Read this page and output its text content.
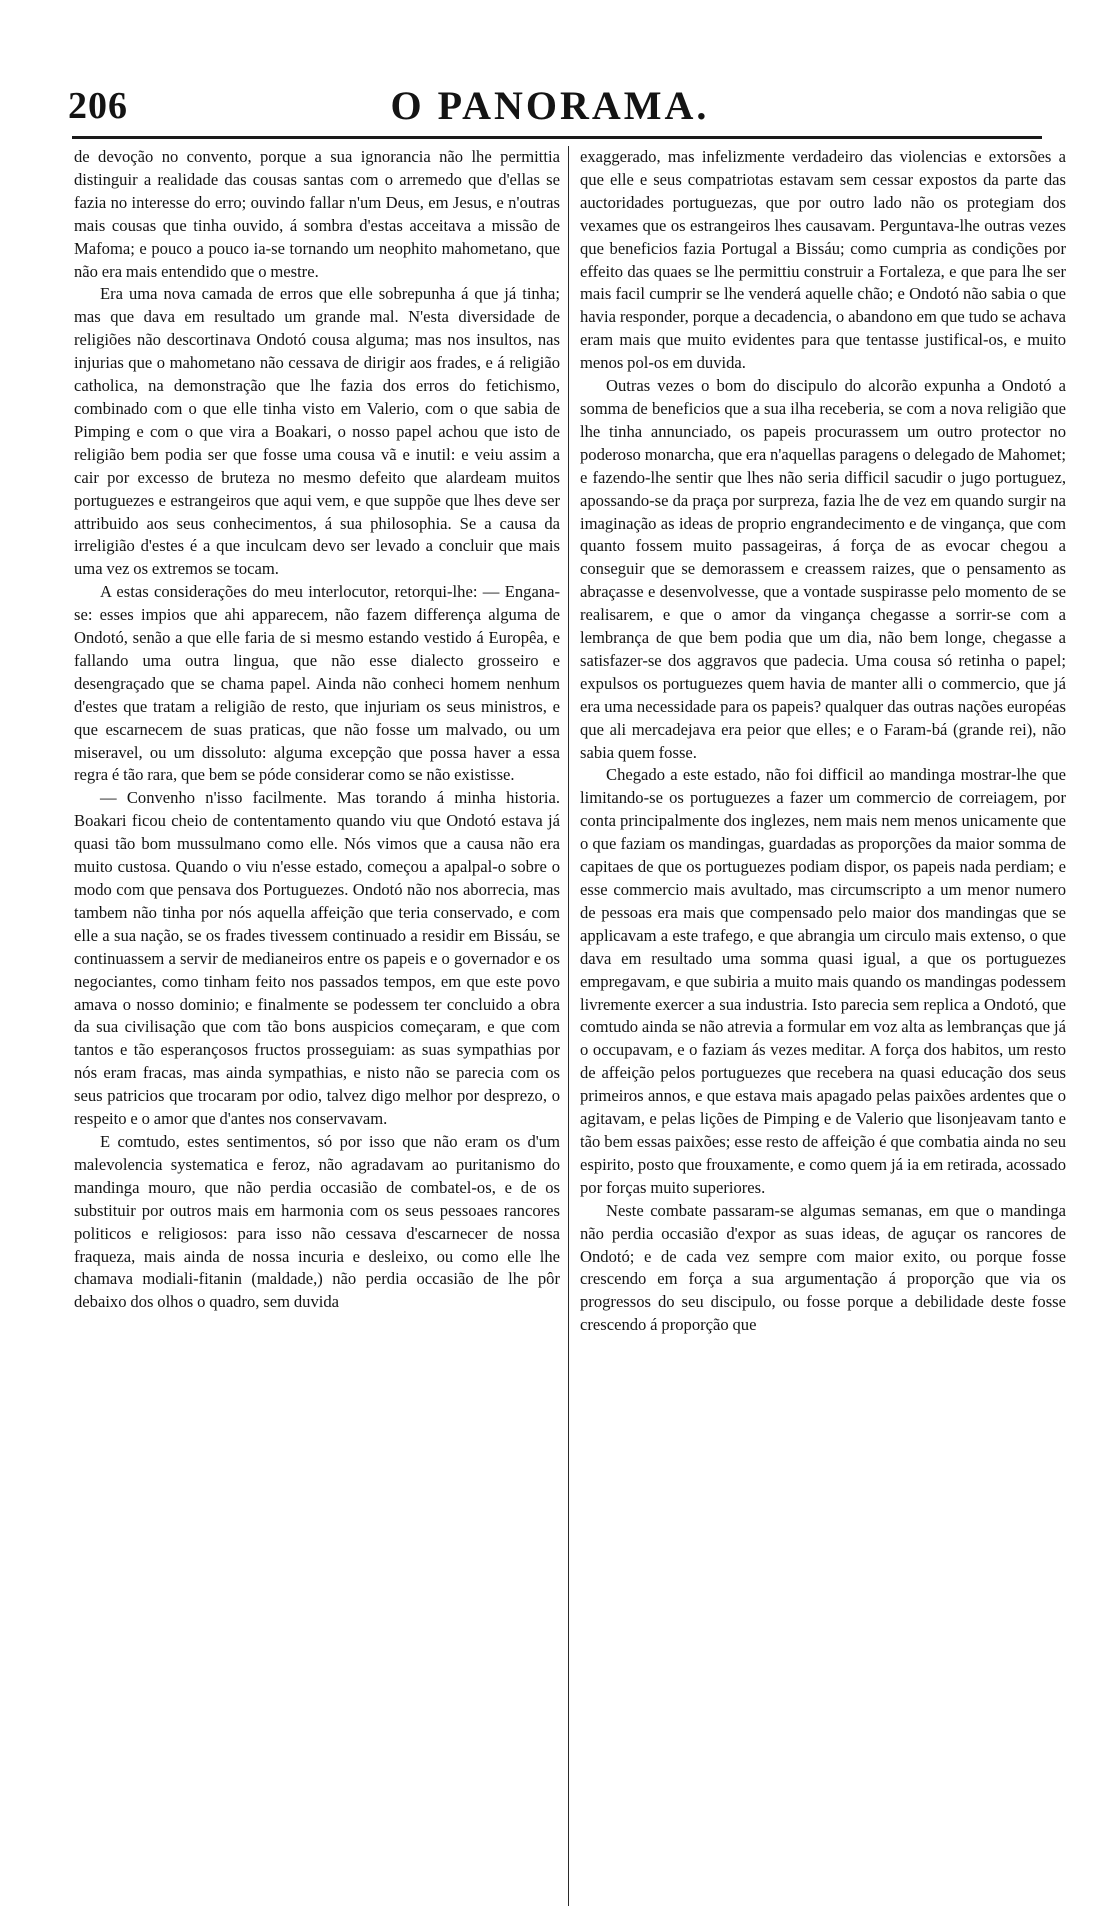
206	O PANORAMA.

de devoção no convento, porque a sua ignorancia não lhe permittia distinguir a realidade das cousas santas com o arremedo que d'ellas se fazia no interesse do erro; ouvindo fallar n'um Deus, em Jesus, e n'outras mais cousas que tinha ouvido, á sombra d'estas acceitava a missão de Mafoma; e pouco a pouco ia-se tornando um neophito mahometano, que não era mais entendido que o mestre.

Era uma nova camada de erros que elle sobrepunha á que já tinha; mas que dava em resultado um grande mal. N'esta diversidade de religiões não descortinava Ondotó cousa alguma; mas nos insultos, nas injurias que o mahometano não cessava de dirigir aos frades, e á religião catholica, na demonstração que lhe fazia dos erros do fetichismo, combinado com o que elle tinha visto em Valerio, com o que sabia de Pimping e com o que vira a Boakari, o nosso papel achou que isto de religião bem podia ser que fosse uma cousa vã e inutil: e veiu assim a cair por excesso de bruteza no mesmo defeito que alardeam muitos portuguezes e estrangeiros que aqui vem, e que suppõe que lhes deve ser attribuido aos seus conhecimentos, á sua philosophia. Se a causa da irreligião d'estes é a que inculcam devo ser levado a concluir que mais uma vez os extremos se tocam.

A estas considerações do meu interlocutor, retorqui-lhe: — Engana-se: esses impios que ahi apparecem, não fazem differença alguma de Ondotó, senão a que elle faria de si mesmo estando vestido á Europêa, e fallando uma outra lingua, que não esse dialecto grosseiro e desengraçado que se chama papel. Ainda não conheci homem nenhum d'estes que tratam a religião de resto, que injuriam os seus ministros, e que escarnecem de suas praticas, que não fosse um malvado, ou um miseravel, ou um dissoluto: alguma excepção que possa haver a essa regra é tão rara, que bem se póde considerar como se não existisse.

— Convenho n'isso facilmente. Mas torando á minha historia. Boakari ficou cheio de contentamento quando viu que Ondotó estava já quasi tão bom mussulmano como elle. Nós vimos que a causa não era muito custosa. Quando o viu n'esse estado, começou a apalpal-o sobre o modo com que pensava dos Portuguezes. Ondotó não nos aborrecia, mas tambem não tinha por nós aquella affeição que teria conservado, e com elle a sua nação, se os frades tivessem continuado a residir em Bissáu, se continuassem a servir de medianeiros entre os papeis e o governador e os negociantes, como tinham feito nos passados tempos, em que este povo amava o nosso dominio; e finalmente se podessem ter concluido a obra da sua civilisação que com tão bons auspicios começaram, e que com tantos e tão esperançosos fructos prosseguiam: as suas sympathias por nós eram fracas, mas ainda sympathias, e nisto não se parecia com os seus patricios que trocaram por odio, talvez digo melhor por desprezo, o respeito e o amor que d'antes nos conservavam.

E comtudo, estes sentimentos, só por isso que não eram os d'um malevolencia systematica e feroz, não agradavam ao puritanismo do mandinga mouro, que não perdia occasião de combatel-os, e de os substituir por outros mais em harmonia com os seus pessoaes rancores politicos e religiosos: para isso não cessava d'escarnecer de nossa fraqueza, mais ainda de nossa incuria e desleixo, ou como elle lhe chamava modiali-fitanin (maldade,) não perdia occasião de lhe pôr debaixo dos olhos o quadro, sem duvida

exaggerado, mas infelizmente verdadeiro das violencias e extorsões a que elle e seus compatriotas estavam sem cessar expostos da parte das auctoridades portuguezas, que por outro lado não os protegiam dos vexames que os estrangeiros lhes causavam. Perguntava-lhe outras vezes que beneficios fazia Portugal a Bissáu; como cumpria as condições por effeito das quaes se lhe permittiu construir a Fortaleza, e que para lhe ser mais facil cumprir se lhe venderá aquelle chão; e Ondotó não sabia o que havia responder, porque a decadencia, o abandono em que tudo se achava eram mais que muito evidentes para que tentasse justifical-os, e muito menos pol-os em duvida.

Outras vezes o bom do discipulo do alcorão expunha a Ondotó a somma de beneficios que a sua ilha receberia, se com a nova religião que lhe tinha annunciado, os papeis procurassem um outro protector no poderoso monarcha, que era n'aquellas paragens o delegado de Mahomet; e fazendo-lhe sentir que lhes não seria difficil sacudir o jugo portuguez, apossando-se da praça por surpreza, fazia lhe de vez em quando surgir na imaginação as ideas de proprio engrandecimento e de vingança, que com quanto fossem muito passageiras, á força de as evocar chegou a conseguir que se demorassem e creassem raizes, que o pensamento as abraçasse e desenvolvesse, que a vontade suspirasse pelo momento de se realisarem, e que o amor da vingança chegasse a sorrir-se com a lembrança de que bem podia que um dia, não bem longe, chegasse a satisfazer-se dos aggravos que padecia. Uma cousa só retinha o papel; expulsos os portuguezes quem havia de manter alli o commercio, que já era uma necessidade para os papeis? qualquer das outras nações européas que ali mercadejava era peior que elles; e o Faram-bá (grande rei), não sabia quem fosse.

Chegado a este estado, não foi difficil ao mandinga mostrar-lhe que limitando-se os portuguezes a fazer um commercio de correiagem, por conta principalmente dos inglezes, nem mais nem menos unicamente que o que faziam os mandingas, guardadas as proporções da maior somma de capitaes de que os portuguezes podiam dispor, os papeis nada perdiam; e esse commercio mais avultado, mas circumscripto a um menor numero de pessoas era mais que compensado pelo maior dos mandingas que se applicavam a este trafego, e que abrangia um circulo mais extenso, o que dava em resultado uma somma quasi igual, a que os portuguezes empregavam, e que subiria a muito mais quando os mandingas podessem livremente exercer a sua industria. Isto parecia sem replica a Ondotó, que comtudo ainda se não atrevia a formular em voz alta as lembranças que já o occupavam, e o faziam ás vezes meditar. A força dos habitos, um resto de affeição pelos portuguezes que recebera na quasi educação dos seus primeiros annos, e que estava mais apagado pelas paixões ardentes que o agitavam, e pelas lições de Pimping e de Valerio que lisonjeavam tanto e tão bem essas paixões; esse resto de affeição é que combatia ainda no seu espirito, posto que frouxamente, e como quem já ia em retirada, acossado por forças muito superiores.

Neste combate passaram-se algumas semanas, em que o mandinga não perdia occasião d'expor as suas ideas, de aguçar os rancores de Ondotó; e de cada vez sempre com maior exito, ou porque fosse crescendo em força a sua argumentação á proporção que via os progressos do seu discipulo, ou fosse porque a debilidade deste fosse crescendo á proporção que
